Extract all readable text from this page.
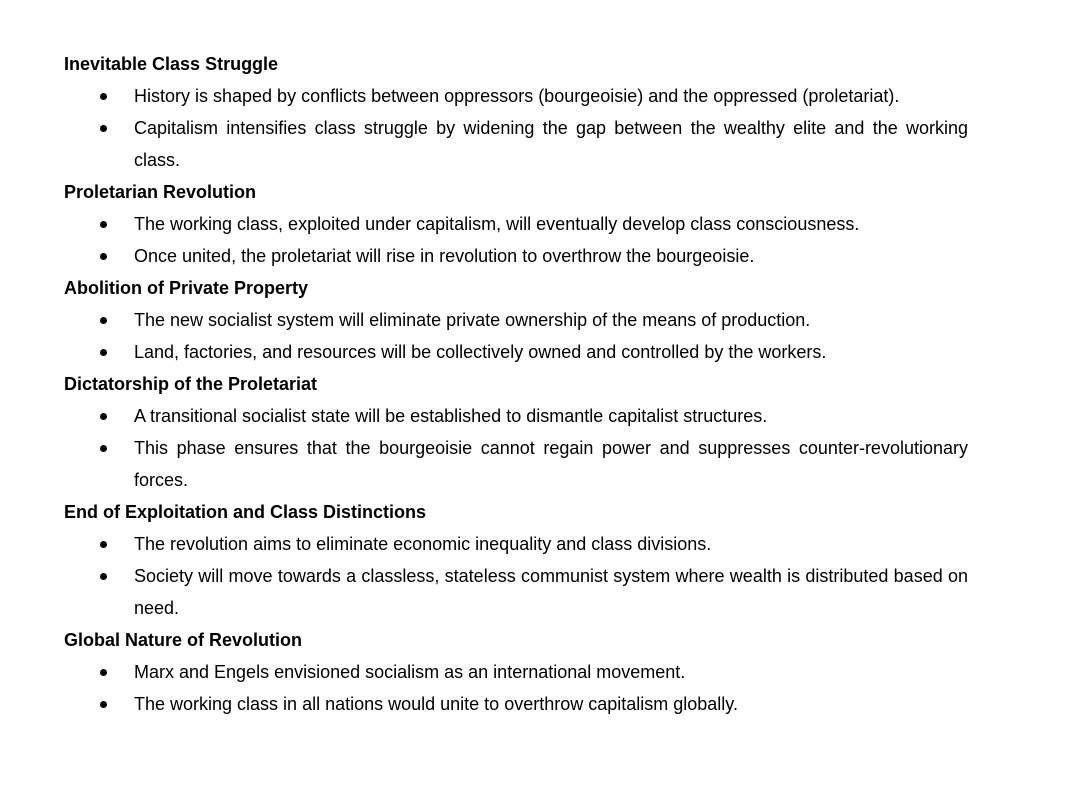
Inevitable Class Struggle

History is shaped by conflicts between oppressors (bourgeoisie) and the oppressed (proletariat).
Capitalism intensifies class struggle by widening the gap between the wealthy elite and the working class.

Proletarian Revolution

The working class, exploited under capitalism, will eventually develop class consciousness.
Once united, the proletariat will rise in revolution to overthrow the bourgeoisie.

Abolition of Private Property

The new socialist system will eliminate private ownership of the means of production.
Land, factories, and resources will be collectively owned and controlled by the workers.

Dictatorship of the Proletariat

A transitional socialist state will be established to dismantle capitalist structures.
This phase ensures that the bourgeoisie cannot regain power and suppresses counter-revolutionary forces.

End of Exploitation and Class Distinctions

The revolution aims to eliminate economic inequality and class divisions.
Society will move towards a classless, stateless communist system where wealth is distributed based on need.

Global Nature of Revolution

Marx and Engels envisioned socialism as an international movement.
The working class in all nations would unite to overthrow capitalism globally.
